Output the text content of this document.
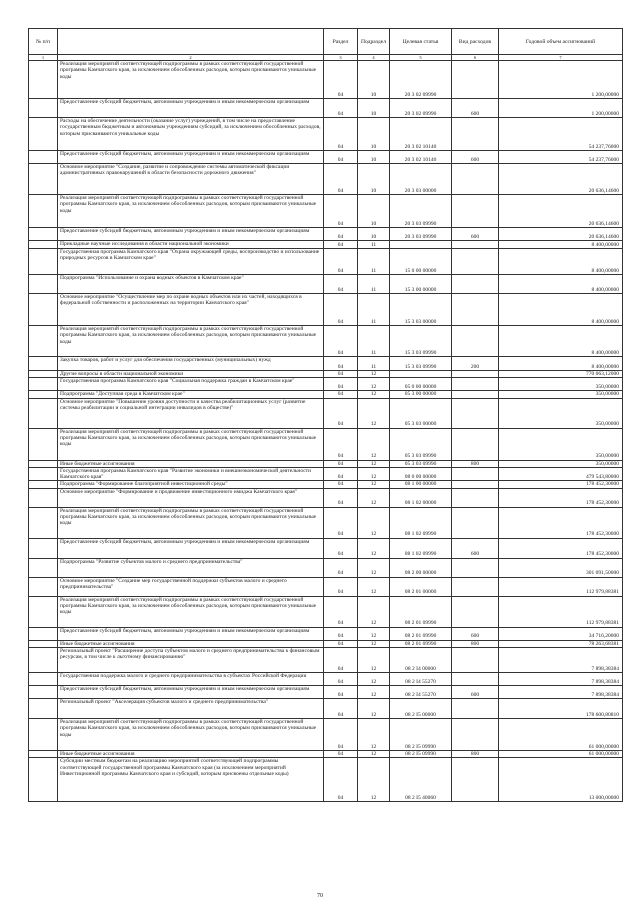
№ п/п		Раздел	Подраздел	Целевая статья	Вид расходов	Годовой объем ассигнований
1	2	3	4	5	6	7
	Реализация мероприятий соответствующей подпрограммы в рамках соответствующей государственной программы Камчатского края, за исключением обособленных расходов, которым присваиваются уникальные коды	04	10	20 3 02 09990		1 200,00000
	Предоставление субсидий бюджетным, автономным учреждениям и иным некоммерческим организациям	04	10	20 3 02 09990	600	1 200,00000
	Расходы на обеспечение деятельности (оказание услуг) учреждений, в том числе на предоставление государственным бюджетным и автономным учреждениям субсидий, за исключением обособленных расходов, которым присваиваются уникальные коды	04	10	20 3 02 10140		54 237,76000
	Предоставление субсидий бюджетным, автономным учреждениям и иным некоммерческим организациям	04	10	20 3 02 10140	600	54 237,76000
	Основное мероприятие "Создание, развитие и сопровождение системы автоматической фиксации административных правонарушений в области безопасности дорожного движения"	04	10	20 3 03 00000		20 636,14600
	Реализация мероприятий соответствующей подпрограммы в рамках соответствующей государственной программы Камчатского края, за исключением обособленных расходов, которым присваиваются уникальные коды	04	10	20 3 03 09990		20 636,14600
	Предоставление субсидий бюджетным, автономным учреждениям и иным некоммерческим организациям	04	10	20 3 03 09990	600	20 636,14600
	Прикладные научные исследования в области национальной экономики	04	11			8 400,00000
	Государственная программа Камчатского края "Охрана окружающей среды, воспроизводство и использование природных ресурсов в Камчатском крае"	04	11	15 0 00 00000		8 400,00000
	Подпрограмма "Использование и охрана водных объектов в Камчатском крае"	04	11	15 3 00 00000		8 400,00000
	Основное мероприятие "Осуществление мер по охране водных объектов или их частей, находящихся в федеральной собственности и расположенных на территории Камчатского края"	04	11	15 3 03 00000		8 400,00000
	Реализация мероприятий соответствующей подпрограммы в рамках соответствующей государственной программы Камчатского края, за исключением обособленных расходов, которым присваиваются уникальные коды	04	11	15 3 03 09990		8 400,00000
	Закупка товаров, работ и услуг для обеспечения государственных (муниципальных) нужд	04	11	15 3 03 09990	200	8 400,00000
	Другие вопросы в области национальной экономики	04	12			770 063,12000
	Государственная программа Камчатского края "Социальная поддержка граждан в Камчатском крае"	04	12	05 0 00 00000		350,00000
	Подпрограмма "Доступная среда в Камчатском крае"	04	12	05 3 00 00000		350,00000
	Основное мероприятие "Повышение уровня доступности и качества реабилитационных услуг (развитие системы реабилитации и социальной интеграции инвалидов в обществе)"	04	12	05 3 03 00000		350,00000
	Реализация мероприятий соответствующей подпрограммы в рамках соответствующей государственной программы Камчатского края, за исключением обособленных расходов, которым присваиваются уникальные коды	04	12	05 3 03 09990		350,00000
	Иные бюджетные ассигнования	04	12	05 3 03 09990	800	350,00000
	Государственная программа Камчатского края "Развитие экономики и внешнеэкономической деятельности Камчатского края"	04	12	08 0 00 00000		479 543,80000
	Подпрограмма "Формирование благоприятной инвестиционной среды"	04	12	08 1 00 00000		178 452,30000
	Основное мероприятие "Формирование и продвижение инвестиционного имиджа Камчатского края"	04	12	08 1 02 00000		178 452,30000
	Реализация мероприятий соответствующей подпрограммы в рамках соответствующей государственной программы Камчатского края, за исключением обособленных расходов, которым присваиваются уникальные коды	04	12	08 1 02 09990		178 452,30000
	Предоставление субсидий бюджетным, автономным учреждениям и иным некоммерческим организациям	04	12	08 1 02 09990	600	178 452,30000
	Подпрограмма "Развитие субъектов малого и среднего предпринимательства"	04	12	08 2 00 00000		301 091,50000
	Основное мероприятие "Создание мер государственной поддержки субъектов малого и среднего предпринимательства"	04	12	08 2 01 00000		112 979,88381
	Реализация мероприятий соответствующей подпрограммы в рамках соответствующей государственной программы Камчатского края, за исключением обособленных расходов, которым присваиваются уникальные коды	04	12	08 2 01 09990		112 979,88381
	Предоставление субсидий бюджетным, автономным учреждениям и иным некоммерческим организациям	04	12	08 2 01 09990	600	34 716,20000
	Иные бюджетные ассигнования	04	12	08 2 01 09990	800	78 263,68381
	Региональный проект "Расширение доступа субъектов малого и среднего предпринимательства к финансовым ресурсам, в том числе к льготному финансированию"	04	12	08 2 I4 00000		7 898,38384
	Государственная поддержка малого и среднего предпринимательства в субъектах Российской Федерации	04	12	08 2 I4 55270		7 898,38384
	Предоставление субсидий бюджетным, автономным учреждениям и иным некоммерческим организациям	04	12	08 2 I4 55270	600	7 898,38384
	Региональный проект "Акселерация субъектов малого и среднего предпринимательства"	04	12	08 2 I5 00000		178 600,80810
	Реализация мероприятий соответствующей подпрограммы в рамках соответствующей государственной программы Камчатского края, за исключением обособленных расходов, которым присваиваются уникальные коды	04	12	08 2 I5 09990		61 000,00000
	Иные бюджетные ассигнования	04	12	08 2 I5 09990	800	61 000,00000
	Субсидии местным бюджетам на реализацию мероприятий соответствующей подпрограммы соответствующей государственной программы Камчатского края (за исключением мероприятий Инвестиционной программы Камчатского края и субсидий, которым присвоены отдельные коды)	04	12	08 2 I5 40060		13 000,00000
70
